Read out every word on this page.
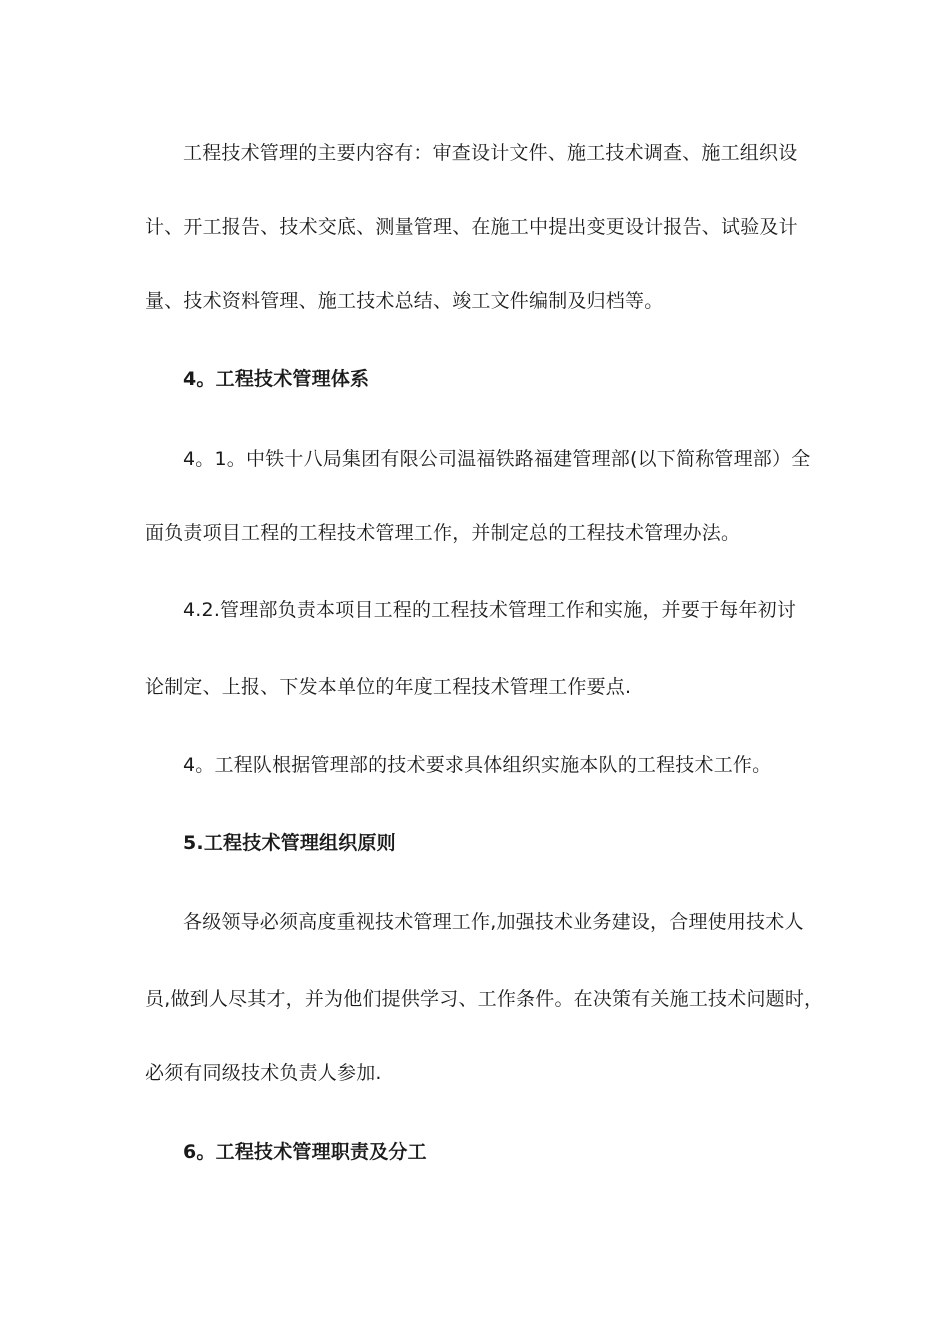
工程技术管理的主要内容有：审查设计文件、施工技术调查、施工组织设
计、开工报告、技术交底、测量管理、在施工中提出变更设计报告、试验及计
量、技术资料管理、施工技术总结、竣工文件编制及归档等。
4。工程技术管理体系
4。1。中铁十八局集团有限公司温福铁路福建管理部(以下简称管理部）全
面负责项目工程的工程技术管理工作，并制定总的工程技术管理办法。
4.2.管理部负责本项目工程的工程技术管理工作和实施，并要于每年初讨
论制定、上报、下发本单位的年度工程技术管理工作要点.
4。工程队根据管理部的技术要求具体组织实施本队的工程技术工作。
5.工程技术管理组织原则
各级领导必须高度重视技术管理工作,加强技术业务建设，合理使用技术人
员,做到人尽其才，并为他们提供学习、工作条件。在决策有关施工技术问题时，
必须有同级技术负责人参加.
6。工程技术管理职责及分工
